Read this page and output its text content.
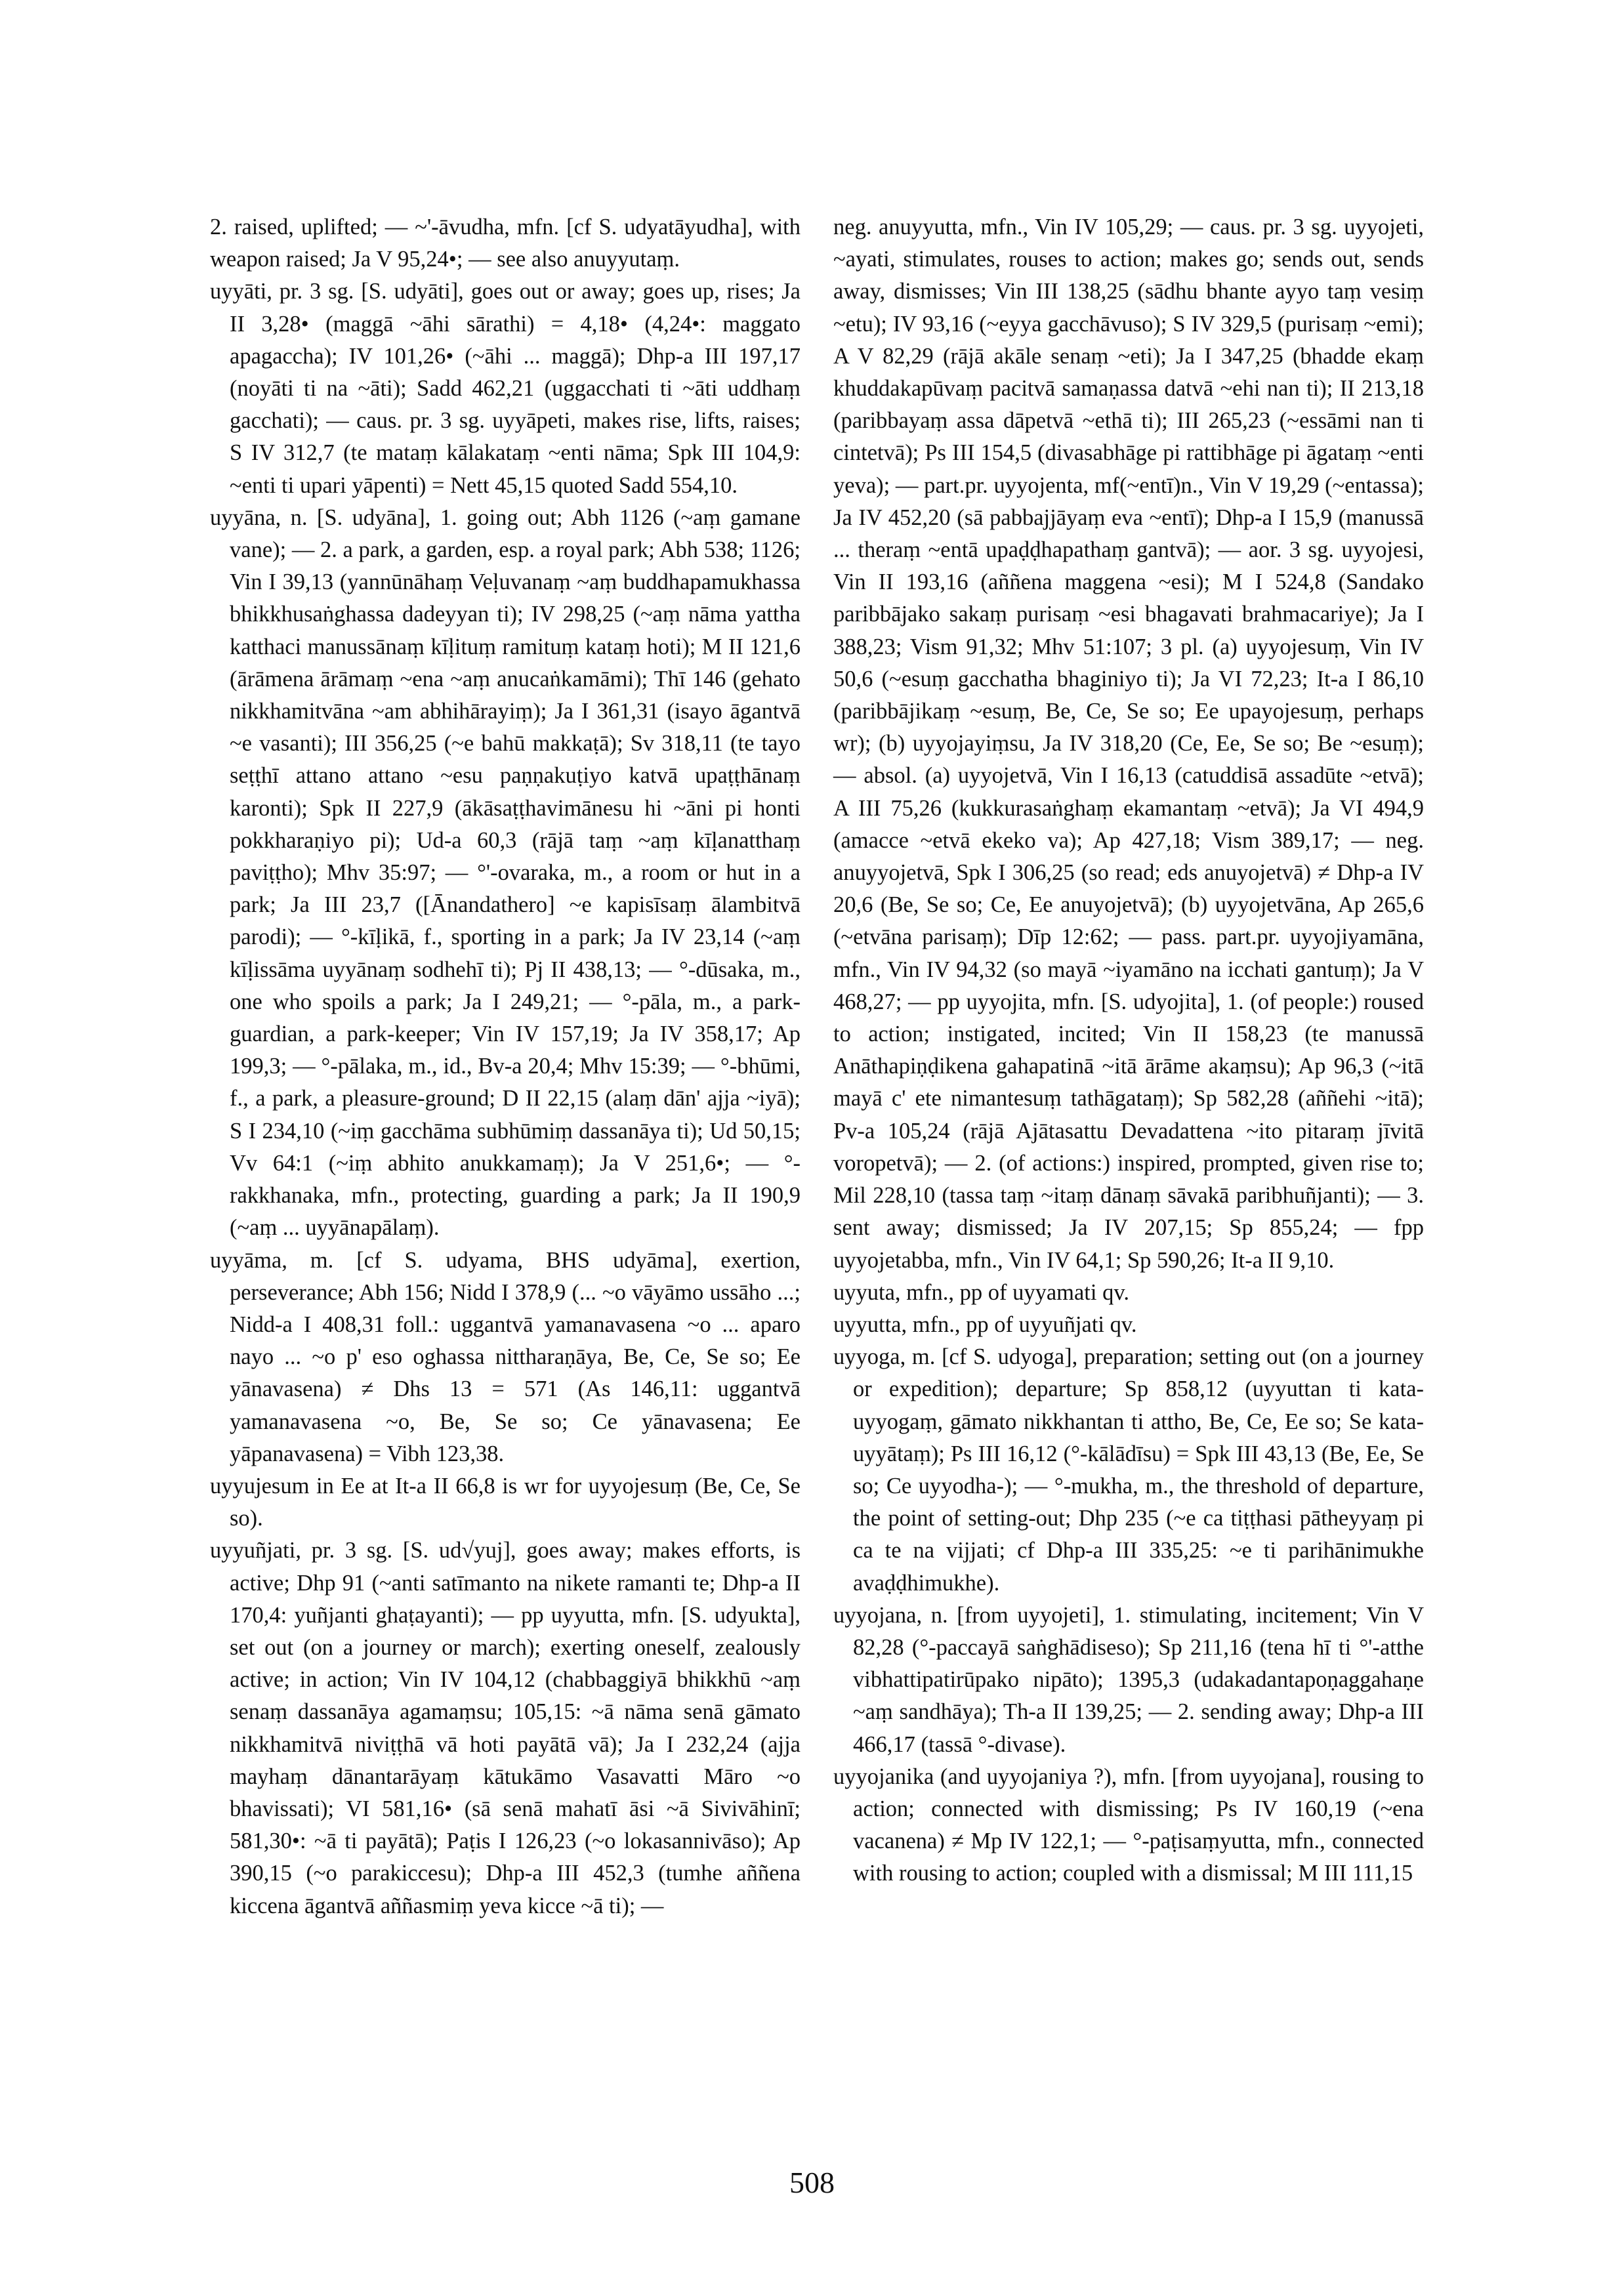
2. raised, uplifted; — ~'-āvudha, mfn. [cf S. udyatāyudha], with weapon raised; Ja V 95,24•; — see also anuyyutaṃ.

uyyāti, pr. 3 sg. [S. udyāti], goes out or away; goes up, rises; Ja II 3,28• (maggā ~āhi sārathi) = 4,18• (4,24•: maggato apagaccha); IV 101,26• (~āhi ... maggā); Dhp-a III 197,17 (noyāti ti na ~āti); Sadd 462,21 (uggacchati ti ~āti uddhaṃ gacchati); — caus. pr. 3 sg. uyyāpeti, makes rise, lifts, raises; S IV 312,7 (te mataṃ kālakataṃ ~enti nāma; Spk III 104,9: ~enti ti upari yāpenti) = Nett 45,15 quoted Sadd 554,10.

uyyāna, n. [S. udyāna], 1. going out; Abh 1126 (~aṃ gamane vane); — 2. a park, a garden, esp. a royal park; Abh 538; 1126; Vin I 39,13 (yannūnāhaṃ Veḷuvanaṃ ~aṃ buddhapamukhassa bhikkhusaṅghassa dadeyyan ti); IV 298,25 (~aṃ nāma yattha katthaci manussānaṃ kīḷituṃ ramituṃ kataṃ hoti); M II 121,6 (ārāmena ārāmaṃ ~ena ~aṃ anucaṅkamāmi); Thī 146 (gehato nikkhamitvāna ~am abhihārayiṃ); Ja I 361,31 (isayo āgantvā ~e vasanti); III 356,25 (~e bahū makkaṭā); Sv 318,11 (te tayo seṭṭhī attano attano ~esu paṇṇakuṭiyo katvā upaṭṭhānaṃ karonti); Spk II 227,9 (ākāsaṭṭhavimānesu hi ~āni pi honti pokkharaṇiyo pi); Ud-a 60,3 (rājā taṃ ~aṃ kīḷanatthaṃ paviṭṭho); Mhv 35:97; — °'-ovaraka, m., a room or hut in a park; Ja III 23,7 ([Ānandathero] ~e kapisīsaṃ ālambitvā parodi); — °-kīḷikā, f., sporting in a park; Ja IV 23,14 (~aṃ kīḷissāma uyyānaṃ sodhehī ti); Pj II 438,13; — °-dūsaka, m., one who spoils a park; Ja I 249,21; — °-pāla, m., a park-guardian, a park-keeper; Vin IV 157,19; Ja IV 358,17; Ap 199,3; — °-pālaka, m., id., Bv-a 20,4; Mhv 15:39; — °-bhūmi, f., a park, a pleasure-ground; D II 22,15 (alaṃ dān' ajja ~iyā); S I 234,10 (~iṃ gacchāma subhūmiṃ dassanāya ti); Ud 50,15; Vv 64:1 (~iṃ abhito anukkamaṃ); Ja V 251,6•; — °-rakkhanaka, mfn., protecting, guarding a park; Ja II 190,9 (~aṃ ... uyyānapālaṃ).

uyyāma, m. [cf S. udyama, BHS udyāma], exertion, perseverance; Abh 156; Nidd I 378,9 (... ~o vāyāmo ussāho ...; Nidd-a I 408,31 foll.: uggantvā yamanavasena ~o ... aparo nayo ... ~o p' eso oghassa nittharaṇāya, Be, Ce, Se so; Ee yānavasena) ≠ Dhs 13 = 571 (As 146,11: uggantvā yamanavasena ~o, Be, Se so; Ce yānavasena; Ee yāpanavasena) = Vibh 123,38.

uyyujesum in Ee at It-a II 66,8 is wr for uyyojesuṃ (Be, Ce, Se so).

uyyuñjati, pr. 3 sg. [S. ud√yuj], goes away; makes efforts, is active; Dhp 91 (~anti satīmanto na nikete ramanti te; Dhp-a II 170,4: yuñjanti ghaṭayanti); — pp uyyutta, mfn. [S. udyukta], set out (on a journey or march); exerting oneself, zealously active; in action; Vin IV 104,12 (chabbaggiyā bhikkhū ~aṃ senaṃ dassanāya agamaṃsu; 105,15: ~ā nāma senā gāmato nikkhamitvā niviṭṭhā vā hoti payātā vā); Ja I 232,24 (ajja mayhaṃ dānantarāyaṃ kātukāmo Vasavatti Māro ~o bhavissati); VI 581,16• (sā senā mahatī āsi ~ā Sivivāhinī; 581,30•: ~ā ti payātā); Paṭis I 126,23 (~o lokasannivāso); Ap 390,15 (~o parakiccesu); Dhp-a III 452,3 (tumhe aññena kiccena āgantvā aññasmiṃ yeva kicce ~ā ti); —

neg. anuyyutta, mfn., Vin IV 105,29; — caus. pr. 3 sg. uyyojeti, ~ayati, stimulates, rouses to action; makes go; sends out, sends away, dismisses; Vin III 138,25 (sādhu bhante ayyo taṃ vesiṃ ~etu); IV 93,16 (~eyya gacchāvuso); S IV 329,5 (purisaṃ ~emi); A V 82,29 (rājā akāle senaṃ ~eti); Ja I 347,25 (bhadde ekaṃ khuddakapūvaṃ pacitvā samaṇassa datvā ~ehi nan ti); II 213,18 (paribbayaṃ assa dāpetvā ~ethā ti); III 265,23 (~essāmi nan ti cintetvā); Ps III 154,5 (divasabhāge pi rattibhāge pi āgataṃ ~enti yeva); — part.pr. uyyojenta, mf(~entī)n., Vin V 19,29 (~entassa); Ja IV 452,20 (sā pabbajjāyaṃ eva ~entī); Dhp-a I 15,9 (manussā ... theraṃ ~entā upaḍḍhapathaṃ gantvā); — aor. 3 sg. uyyojesi, Vin II 193,16 (aññena maggena ~esi); M I 524,8 (Sandako paribbājako sakaṃ purisaṃ ~esi bhagavati brahmacariye); Ja I 388,23; Vism 91,32; Mhv 51:107; 3 pl. (a) uyyojesuṃ, Vin IV 50,6 (~esuṃ gacchatha bhaginiyo ti); Ja VI 72,23; It-a I 86,10 (paribbājikaṃ ~esuṃ, Be, Ce, Se so; Ee upayojesuṃ, perhaps wr); (b) uyyojayiṃsu, Ja IV 318,20 (Ce, Ee, Se so; Be ~esuṃ); — absol. (a) uyyojetvā, Vin I 16,13 (catuddisā assadūte ~etvā); A III 75,26 (kukkurasaṅghaṃ ekamantaṃ ~etvā); Ja VI 494,9 (amacce ~etvā ekeko va); Ap 427,18; Vism 389,17; — neg. anuyyojetvā, Spk I 306,25 (so read; eds anuyojetvā) ≠ Dhp-a IV 20,6 (Be, Se so; Ce, Ee anuyojetvā); (b) uyyojetvāna, Ap 265,6 (~etvāna parisaṃ); Dīp 12:62; — pass. part.pr. uyyojiyamāna, mfn., Vin IV 94,32 (so mayā ~iyamāno na icchati gantuṃ); Ja V 468,27; — pp uyyojita, mfn. [S. udyojita], 1. (of people:) roused to action; instigated, incited; Vin II 158,23 (te manussā Anāthapiṇḍikena gahapatinā ~itā ārāme akaṃsu); Ap 96,3 (~itā mayā c' ete nimantesuṃ tathāgataṃ); Sp 582,28 (aññehi ~itā); Pv-a 105,24 (rājā Ajātasattu Devadattena ~ito pitaraṃ jīvitā voropetvā); — 2. (of actions:) inspired, prompted, given rise to; Mil 228,10 (tassa taṃ ~itaṃ dānaṃ sāvakā paribhuñjanti); — 3. sent away; dismissed; Ja IV 207,15; Sp 855,24; — fpp uyyojetabba, mfn., Vin IV 64,1; Sp 590,26; It-a II 9,10.

uyyuta, mfn., pp of uyyamati qv.

uyyutta, mfn., pp of uyyuñjati qv.

uyyoga, m. [cf S. udyoga], preparation; setting out (on a journey or expedition); departure; Sp 858,12 (uyyuttan ti kata-uyyogaṃ, gāmato nikkhantan ti attho, Be, Ce, Ee so; Se kata-uyyātaṃ); Ps III 16,12 (°-kālādīsu) = Spk III 43,13 (Be, Ee, Se so; Ce uyyodha-); — °-mukha, m., the threshold of departure, the point of setting-out; Dhp 235 (~e ca tiṭṭhasi pātheyyaṃ pi ca te na vijjati; cf Dhp-a III 335,25: ~e ti parihānimukhe avaḍḍhimukhe).

uyyojana, n. [from uyyojeti], 1. stimulating, incitement; Vin V 82,28 (°-paccayā saṅghādiseso); Sp 211,16 (tena hī ti °'-atthe vibhattipatirūpako nipāto); 1395,3 (udakadantapoṇaggahaṇe ~aṃ sandhāya); Th-a II 139,25; — 2. sending away; Dhp-a III 466,17 (tassā °-divase).

uyyojanika (and uyyojaniya ?), mfn. [from uyyojana], rousing to action; connected with dismissing; Ps IV 160,19 (~ena vacanena) ≠ Mp IV 122,1; — °-paṭisaṃyutta, mfn., connected with rousing to action; coupled with a dismissal; M III 111,15

508
